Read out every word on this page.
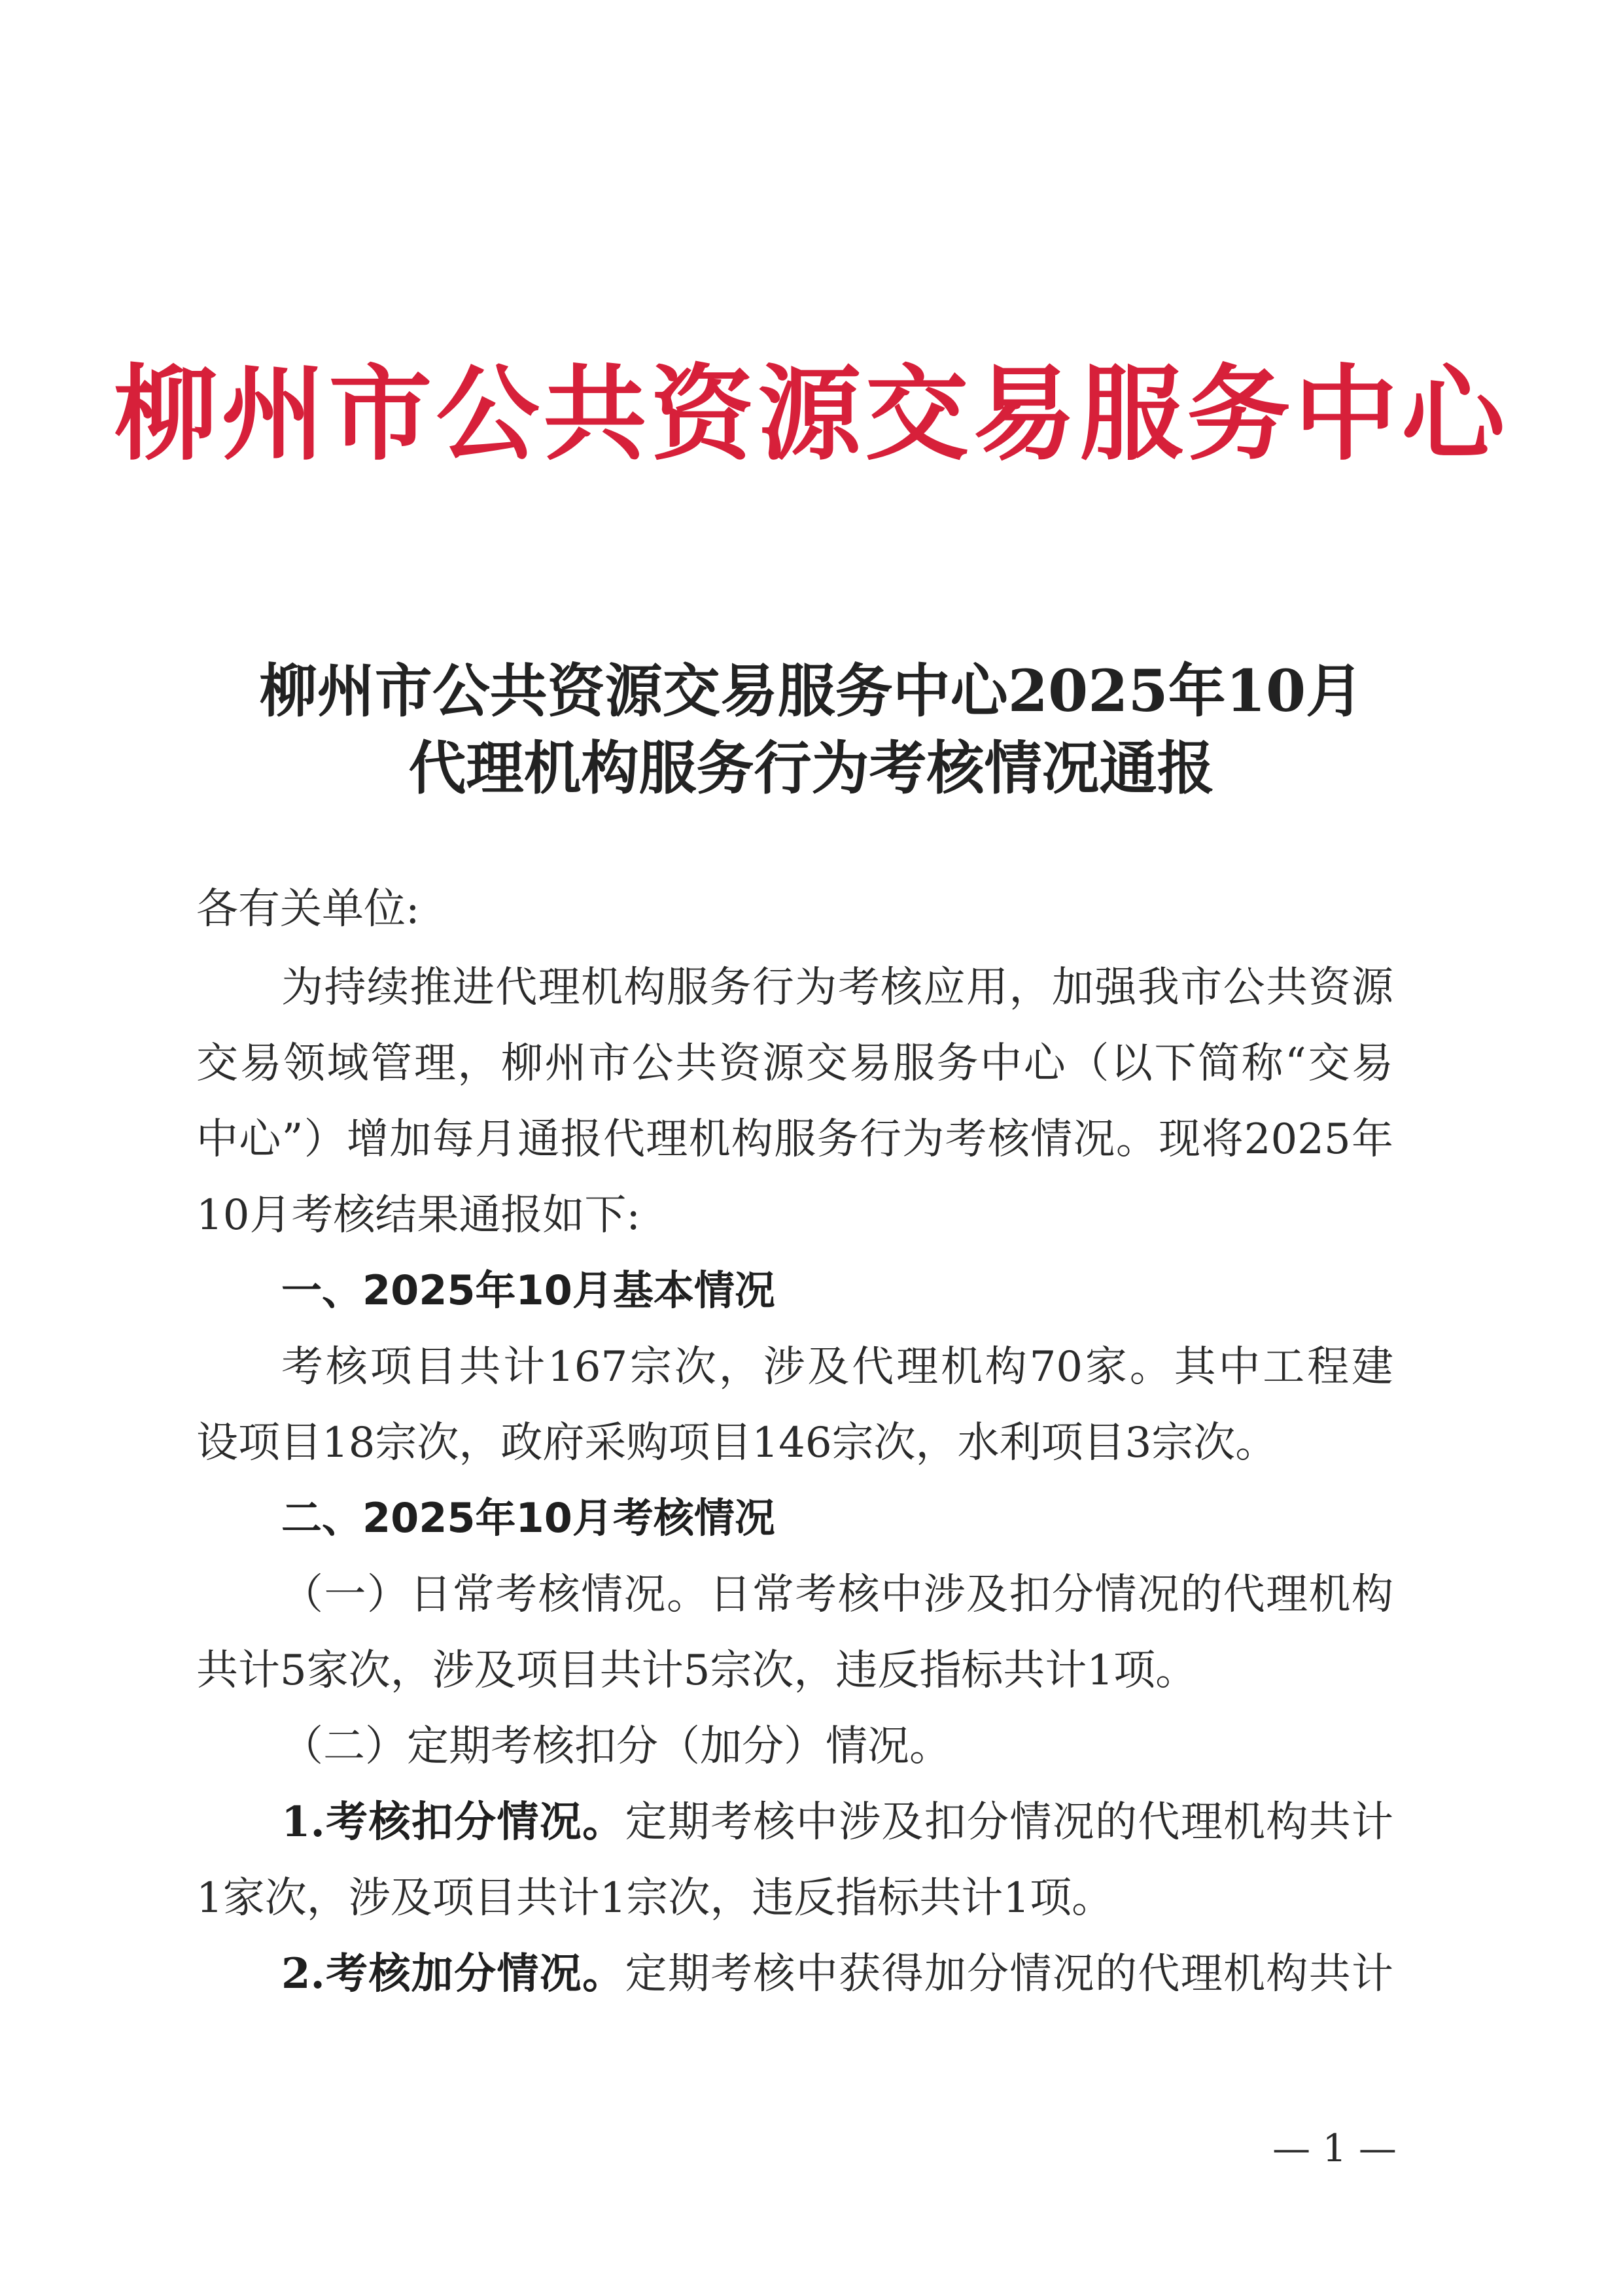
柳州市公共资源交易服务中心
柳州市公共资源交易服务中心2025年10月
代理机构服务行为考核情况通报
各有关单位:
为持续推进代理机构服务行为考核应用，加强我市公共资源
交易领域管理，柳州市公共资源交易服务中心（以下简称“交易
中心”）增加每月通报代理机构服务行为考核情况。现将2025年
10月考核结果通报如下:
一、2025年10月基本情况
考核项目共计167宗次，涉及代理机构70家。其中工程建
设项目18宗次，政府采购项目146宗次，水利项目3宗次。
二、2025年10月考核情况
（一）日常考核情况。日常考核中涉及扣分情况的代理机构
共计5家次，涉及项目共计5宗次，违反指标共计1项。
（二）定期考核扣分（加分）情况。
1.考核扣分情况。定期考核中涉及扣分情况的代理机构共计
1家次，涉及项目共计1宗次，违反指标共计1项。
2.考核加分情况。定期考核中获得加分情况的代理机构共计
— 1 —
